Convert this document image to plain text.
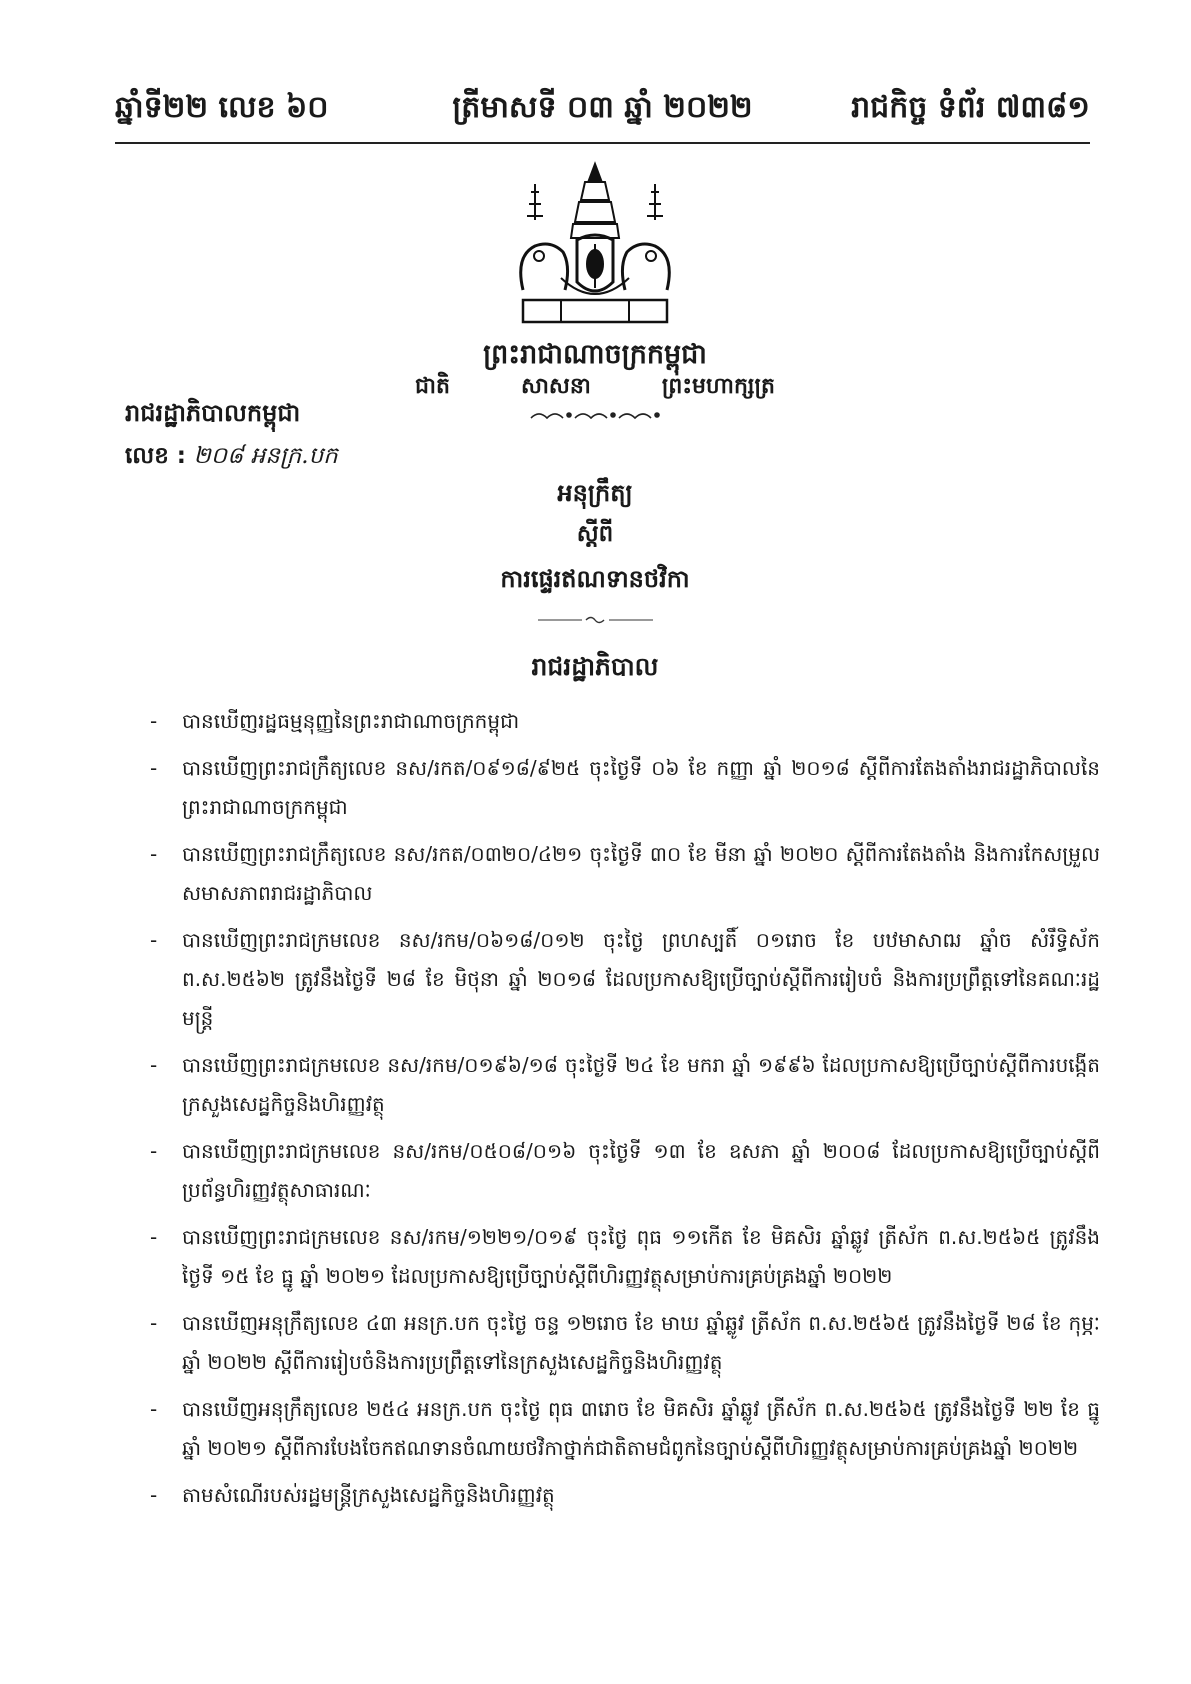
ឆ្នាំទី២២ លេខ ៦០	ត្រីមាសទី ០៣ ឆ្នាំ ២០២២	រាជកិច្ច ទំព័រ ៧៣៨១
ព្រះរាជាណាចក្រកម្ពុជា
ជាតិ	សាសនា	ព្រះមហាក្សត្រ
រាជរដ្ឋាភិបាលកម្ពុជា
លេខ : ២០៨ អនក្រ.បក
អនុក្រឹត្យ
ស្តីពី
ការផ្ទេរឥណទានថវិកា
រាជរដ្ឋាភិបាល
- បានឃើញរដ្ឋធម្មនុញ្ញនៃព្រះរាជាណាចក្រកម្ពុជា
- បានឃើញព្រះរាជក្រឹត្យលេខ នស/រកត/០៩១៨/៩២៥ ចុះថ្ងៃទី ០៦ ខែ កញ្ញា ឆ្នាំ ២០១៨ ស្តីពីការតែងតាំងរាជរដ្ឋាភិបាលនៃព្រះរាជាណាចក្រកម្ពុជា
- បានឃើញព្រះរាជក្រឹត្យលេខ នស/រកត/០៣២០/៤២១ ចុះថ្ងៃទី ៣០ ខែ មីនា ឆ្នាំ ២០២០ ស្តីពីការតែងតាំង និងការកែសម្រួលសមាសភាពរាជរដ្ឋាភិបាល
- បានឃើញព្រះរាជក្រមលេខ នស/រកម/០៦១៨/០១២ ចុះថ្ងៃ ព្រហស្បតិ៍ ០១រោច ខែ បឋមាសាឍ ឆ្នាំច សំរឹទ្ធិស័ក ព.ស.២៥៦២ ត្រូវនឹងថ្ងៃទី ២៨ ខែ មិថុនា ឆ្នាំ ២០១៨ ដែលប្រកាសឱ្យប្រើច្បាប់ស្តីពីការរៀបចំ និងការប្រព្រឹត្តទៅនៃគណៈរដ្ឋមន្ត្រី
- បានឃើញព្រះរាជក្រមលេខ នស/រកម/០១៩៦/១៨ ចុះថ្ងៃទី ២៤ ខែ មករា ឆ្នាំ ១៩៩៦ ដែលប្រកាសឱ្យប្រើច្បាប់ស្តីពីការបង្កើតក្រសួងសេដ្ឋកិច្ចនិងហិរញ្ញវត្ថុ
- បានឃើញព្រះរាជក្រមលេខ នស/រកម/០៥០៨/០១៦ ចុះថ្ងៃទី ១៣ ខែ ឧសភា ឆ្នាំ ២០០៨ ដែលប្រកាសឱ្យប្រើច្បាប់ស្តីពីប្រព័ន្ធហិរញ្ញវត្ថុសាធារណៈ
- បានឃើញព្រះរាជក្រមលេខ នស/រកម/១២២១/០១៩ ចុះថ្ងៃ ពុធ ១១កើត ខែ មិគសិរ ឆ្នាំឆ្លូវ ត្រីស័ក ព.ស.២៥៦៥ ត្រូវនឹងថ្ងៃទី ១៥ ខែ ធ្នូ ឆ្នាំ ២០២១ ដែលប្រកាសឱ្យប្រើច្បាប់ស្តីពីហិរញ្ញវត្ថុសម្រាប់ការគ្រប់គ្រងឆ្នាំ ២០២២
- បានឃើញអនុក្រឹត្យលេខ ៤៣ អនក្រ.បក ចុះថ្ងៃ ចន្ទ ១២រោច ខែ មាឃ ឆ្នាំឆ្លូវ ត្រីស័ក ព.ស.២៥៦៥ ត្រូវនឹងថ្ងៃទី ២៨ ខែ កុម្ភៈ ឆ្នាំ ២០២២ ស្តីពីការរៀបចំនិងការប្រព្រឹត្តទៅនៃក្រសួងសេដ្ឋកិច្ចនិងហិរញ្ញវត្ថុ
- បានឃើញអនុក្រឹត្យលេខ ២៥៤ អនក្រ.បក ចុះថ្ងៃ ពុធ ៣រោច ខែ មិគសិរ ឆ្នាំឆ្លូវ ត្រីស័ក ព.ស.២៥៦៥ ត្រូវនឹងថ្ងៃទី ២២ ខែ ធ្នូ ឆ្នាំ ២០២១ ស្តីពីការបែងចែកឥណទានចំណាយថវិកាថ្នាក់ជាតិតាមជំពូកនៃច្បាប់ស្តីពីហិរញ្ញវត្ថុសម្រាប់ការគ្រប់គ្រងឆ្នាំ ២០២២
- តាមសំណើរបស់រដ្ឋមន្ត្រីក្រសួងសេដ្ឋកិច្ចនិងហិរញ្ញវត្ថុ
